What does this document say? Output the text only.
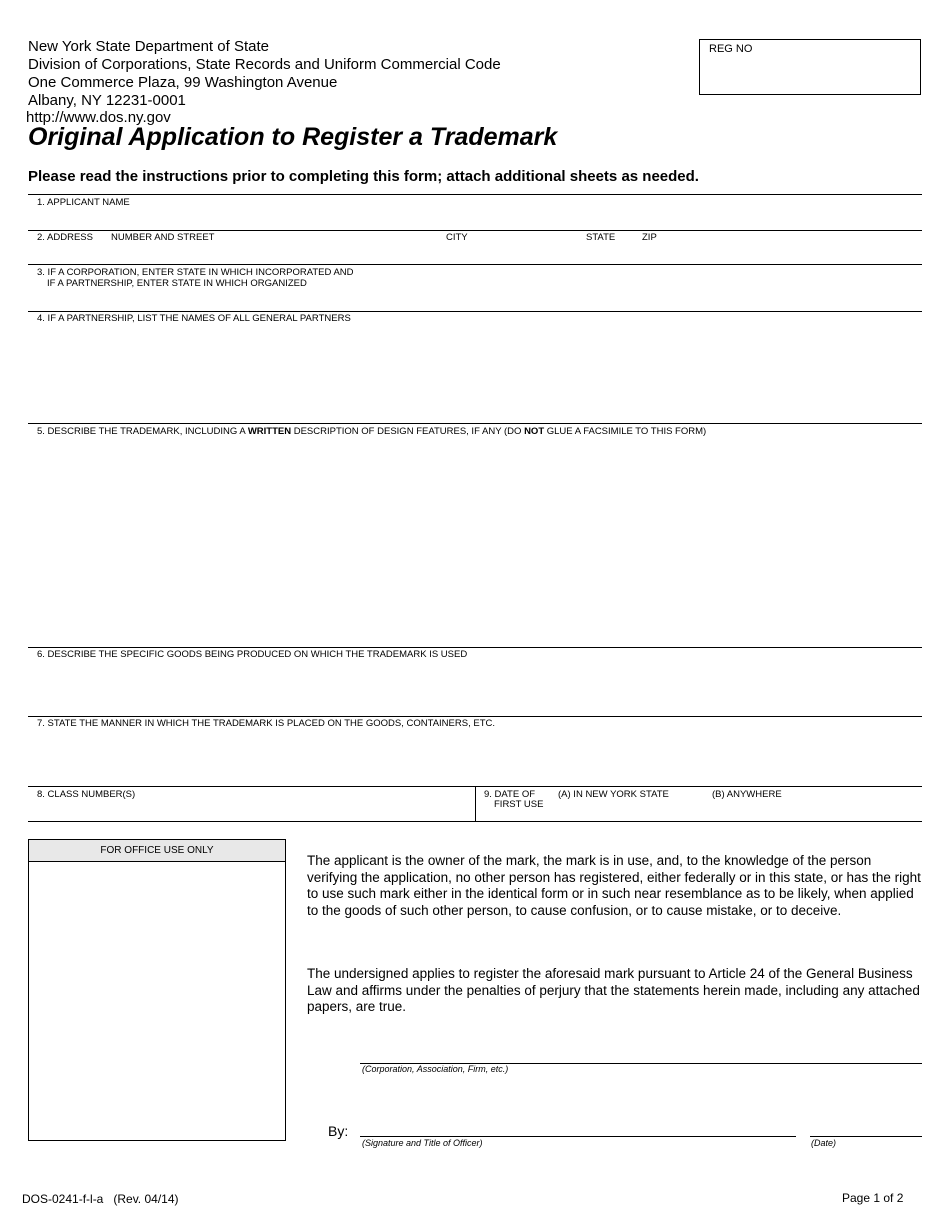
New York State Department of State
Division of Corporations, State Records and Uniform Commercial Code
One Commerce Plaza, 99 Washington Avenue
Albany, NY 12231-0001
http://www.dos.ny.gov
Original Application to Register a Trademark
REG NO
Please read the instructions prior to completing this form; attach additional sheets as needed.
1. APPLICANT NAME
2. ADDRESS NUMBER AND STREET	CITY	STATE	ZIP
3. IF A CORPORATION, ENTER STATE IN WHICH INCORPORATED AND
IF A PARTNERSHIP, ENTER STATE IN WHICH ORGANIZED
4. IF A PARTNERSHIP, LIST THE NAMES OF ALL GENERAL PARTNERS
5. DESCRIBE THE TRADEMARK, INCLUDING A WRITTEN DESCRIPTION OF DESIGN FEATURES, IF ANY (DO NOT GLUE A FACSIMILE TO THIS FORM)
6. DESCRIBE THE SPECIFIC GOODS BEING PRODUCED ON WHICH THE TRADEMARK IS USED
7. STATE THE MANNER IN WHICH THE TRADEMARK IS PLACED ON THE GOODS, CONTAINERS, ETC.
8. CLASS NUMBER(S)	9. DATE OF
FIRST USE
(A) IN NEW YORK STATE	(B) ANYWHERE
FOR OFFICE USE ONLY
The applicant is the owner of the mark, the mark is in use, and, to the knowledge of the person verifying the application, no other person has registered, either federally or in this state, or has the right to use such mark either in the identical form or in such near resemblance as to be likely, when applied to the goods of such other person, to cause confusion, or to cause mistake, or to deceive.
The undersigned applies to register the aforesaid mark pursuant to Article 24 of the General Business Law and affirms under the penalties of perjury that the statements herein made, including any attached papers, are true.
(Corporation, Association, Firm, etc.)
By:
(Signature and Title of Officer)	(Date)
DOS-0241-f-l-a   (Rev. 04/14)	Page 1 of 2
